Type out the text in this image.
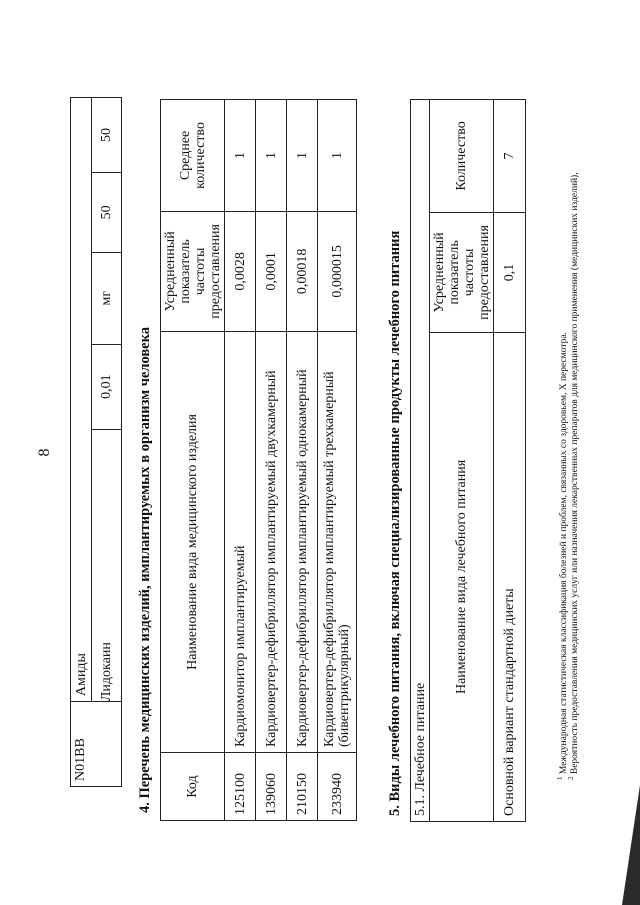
8
N01BB	Амиды				
	Лидокаин	0,01	мг	50	50
4. Перечень медицинских изделий, имплантируемых в организм человека Код	Наименование вида медицинского изделия	Усредненный показатель частоты предоставления	Среднее количество
125100	Кардиомонитор имплантируемый	0,0028	1
139060	Кардиовертер-дефибриллятор имплантируемый двухкамерный	0,0001	1
210150	Кардиовертер-дефибриллятор имплантируемый однокамерный	0,00018	1
233940	Кардиовертер-дефибриллятор имплантируемый трехкамерный (бивентрикулярный)	0,000015	1
5. Виды лечебного питания, включая специализированные продукты лечебного питания 5.1. Лечебное питание		
Наименование вида лечебного питания	Усредненный показатель частоты предоставления	Количество
Основной вариант стандартной диеты	0,1	7
$^1$ Международная статистическая классификация болезней и проблем, связанных со здоровьем, X пересмотра.
$^2$ Вероятность предоставления медицинских услуг или назначения лекарственных препаратов для медицинского применения (медицинских изделий),
